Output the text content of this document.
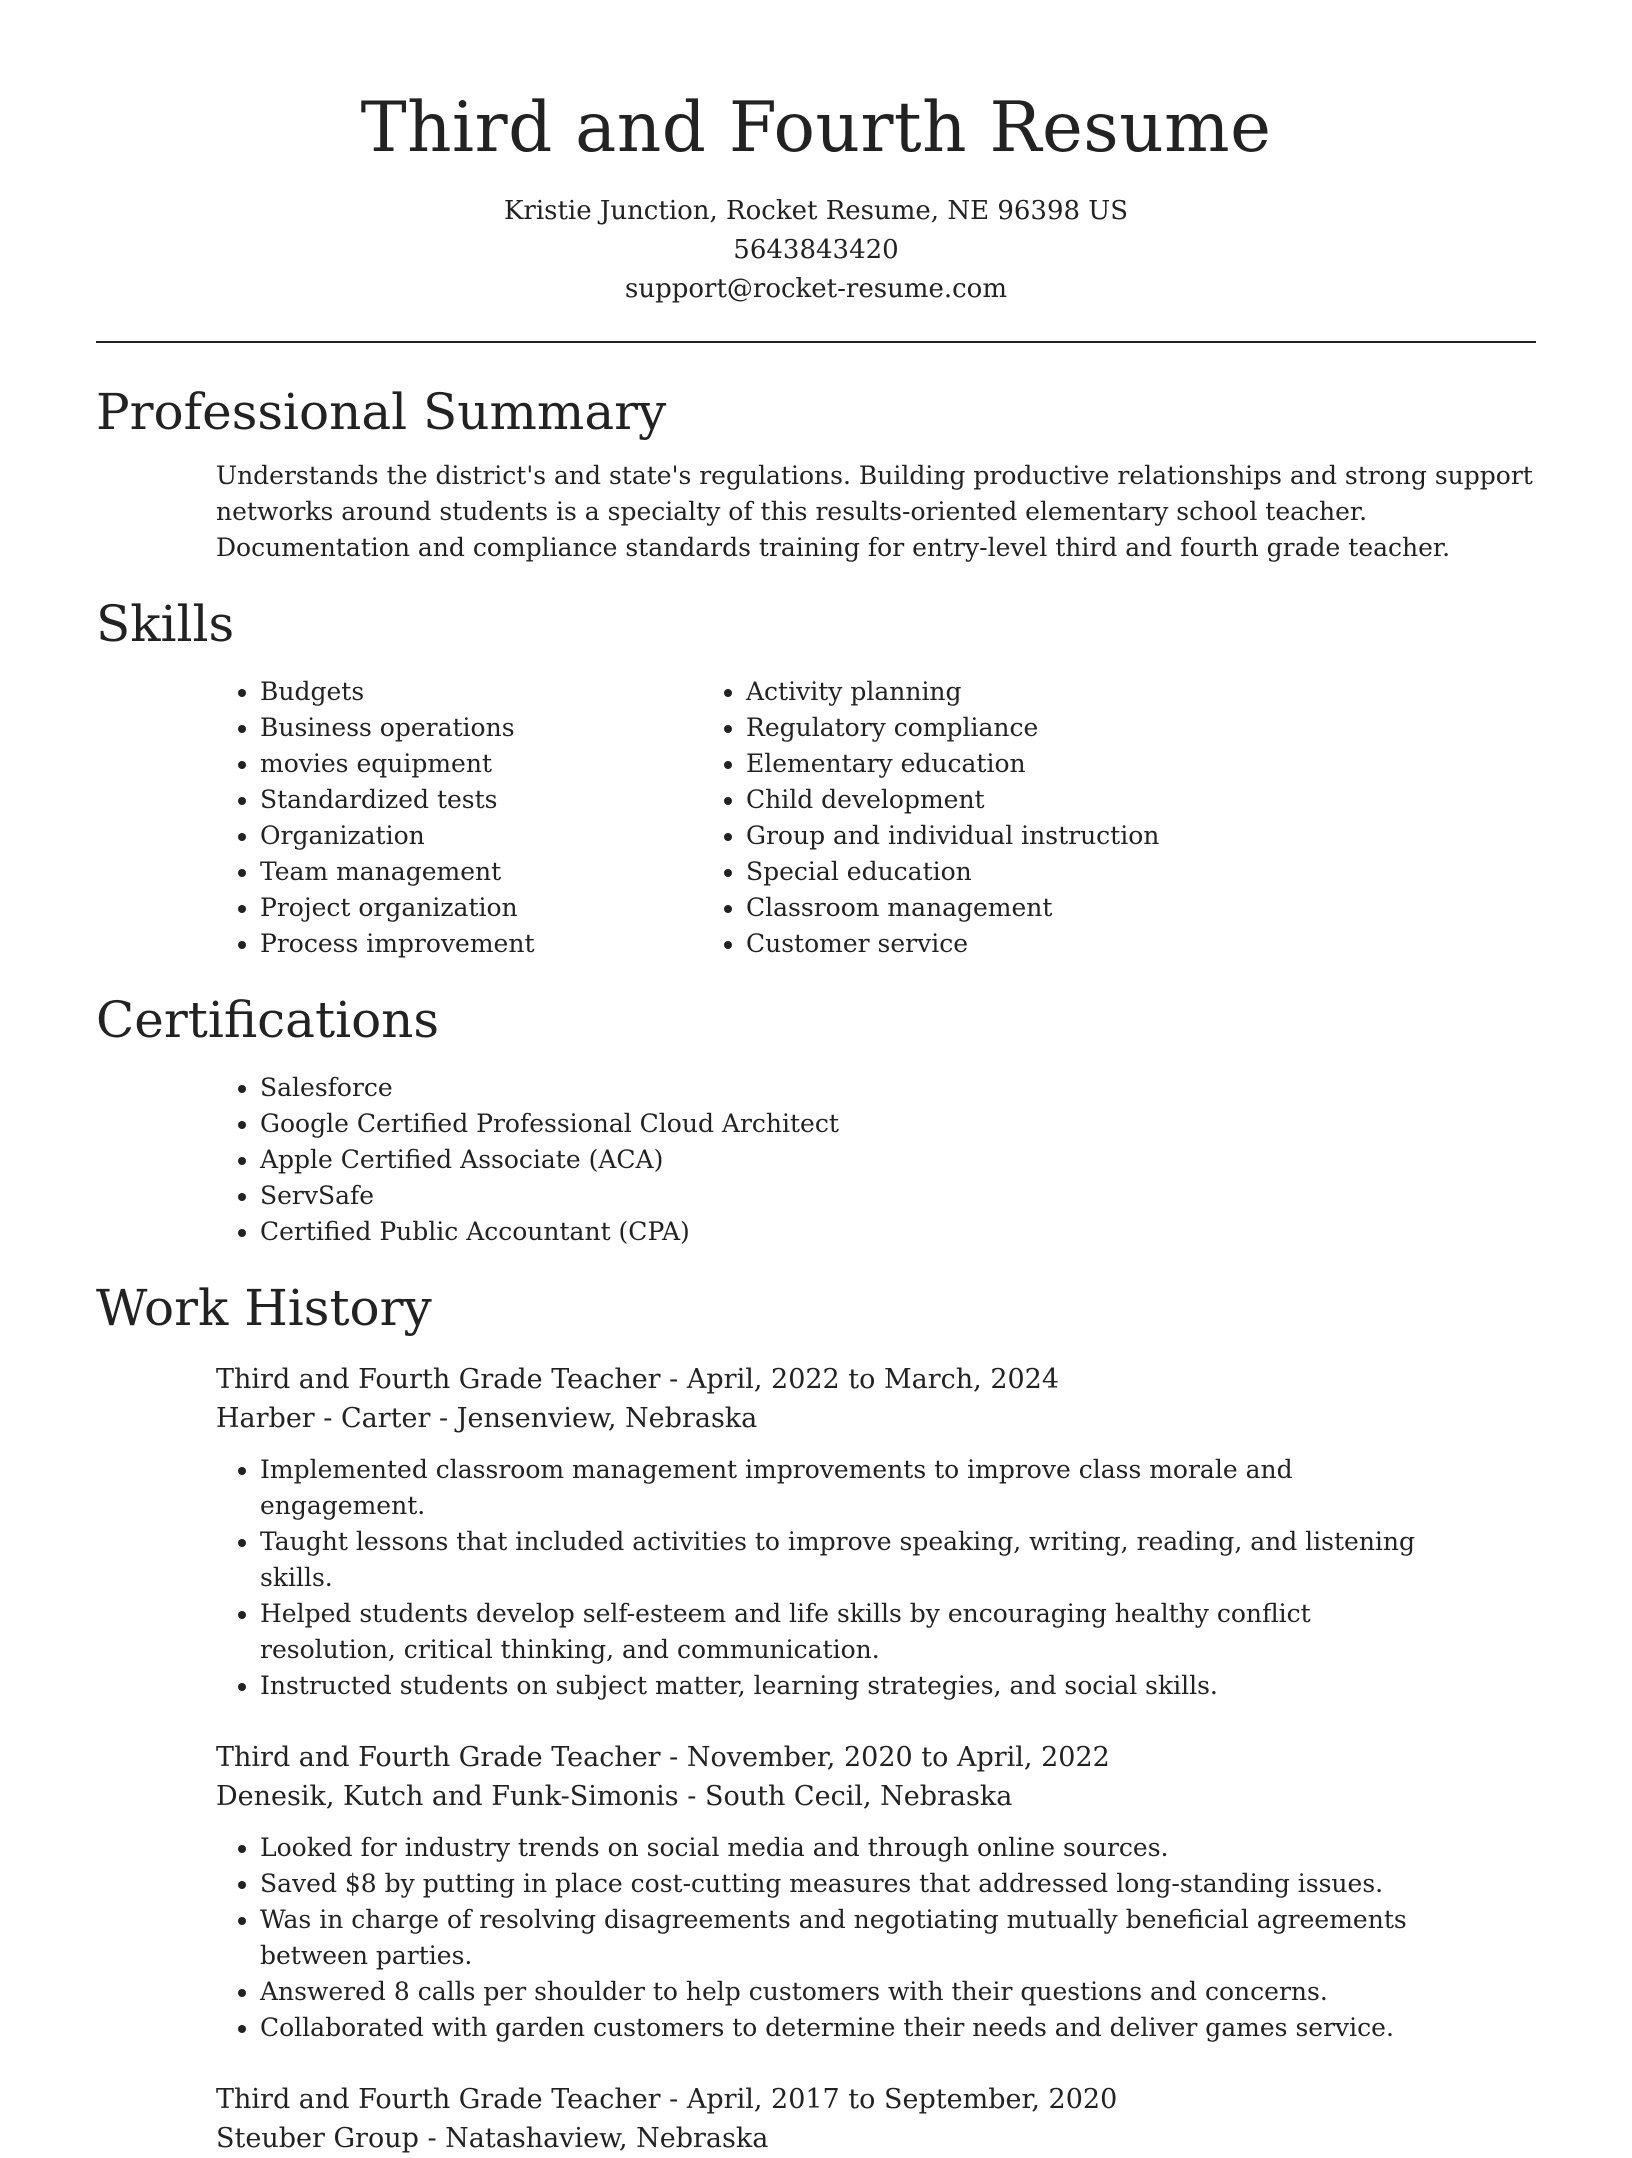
Third and Fourth Resume

Kristie Junction, Rocket Resume, NE 96398 US

5643843420

support@rocket-resume.com

Professional Summary

Understands the district's and state's regulations. Building productive relationships and strong support networks around students is a specialty of this results-oriented elementary school teacher. Documentation and compliance standards training for entry-level third and fourth grade teacher.

Skills
• Budgets
• Business operations
• movies equipment
• Standardized tests
• Organization
• Team management
• Project organization
• Process improvement
• Activity planning
• Regulatory compliance
• Elementary education
• Child development
• Group and individual instruction
• Special education
• Classroom management
• Customer service
Certifications
• Salesforce
• Google Certified Professional Cloud Architect
• Apple Certified Associate (ACA)
• ServSafe
• Certified Public Accountant (CPA)
Work History

Third and Fourth Grade Teacher - April, 2022 to March, 2024

Harber - Carter - Jensenview, Nebraska

• Implemented classroom management improvements to improve class morale and engagement.
• Taught lessons that included activities to improve speaking, writing, reading, and listening skills.
• Helped students develop self-esteem and life skills by encouraging healthy conflict resolution, critical thinking, and communication.
• Instructed students on subject matter, learning strategies, and social skills.

Third and Fourth Grade Teacher - November, 2020 to April, 2022

Denesik, Kutch and Funk-Simonis - South Cecil, Nebraska

• Looked for industry trends on social media and through online sources.
• Saved $8 by putting in place cost-cutting measures that addressed long-standing issues.
• Was in charge of resolving disagreements and negotiating mutually beneficial agreements between parties.
• Answered 8 calls per shoulder to help customers with their questions and concerns.
• Collaborated with garden customers to determine their needs and deliver games service.

Third and Fourth Grade Teacher - April, 2017 to September, 2020

Steuber Group - Natashaview, Nebraska
